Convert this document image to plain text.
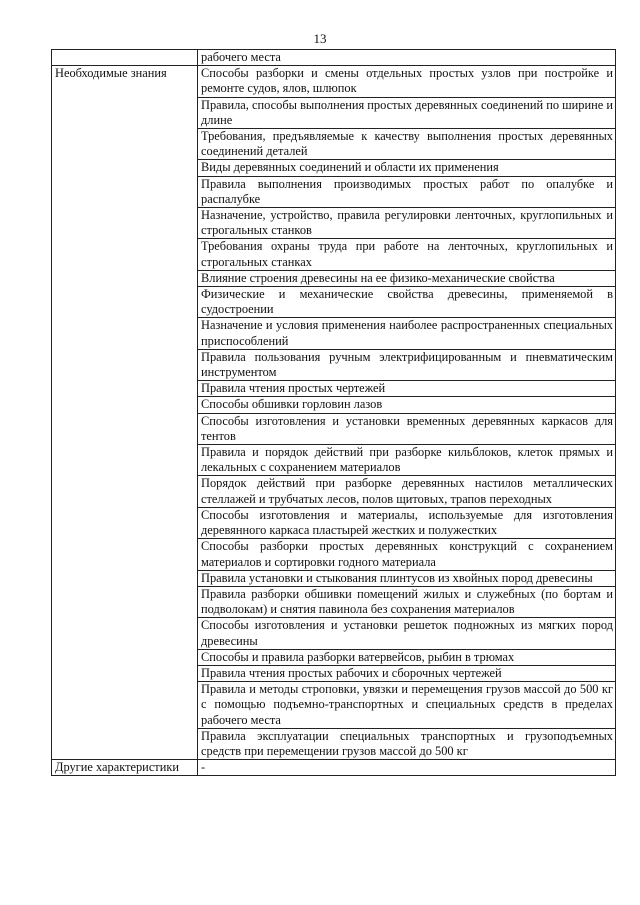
13
	рабочего места
Необходимые знания	Способы разборки и смены отдельных простых узлов при постройке и ремонте судов, ялов, шлюпок
	Правила, способы выполнения простых деревянных соединений по ширине и длине
	Требования, предъявляемые к качеству выполнения простых деревянных соединений деталей
	Виды деревянных соединений и области их применения
	Правила выполнения производимых простых работ по опалубке и распалубке
	Назначение, устройство, правила регулировки ленточных, круглопильных и строгальных станков
	Требования охраны труда при работе на ленточных, круглопильных и строгальных станках
	Влияние строения древесины на ее физико-механические свойства
	Физические и механические свойства древесины, применяемой в судостроении
	Назначение и условия применения наиболее распространенных специальных приспособлений
	Правила пользования ручным электрифицированным и пневматическим инструментом
	Правила чтения простых чертежей
	Способы обшивки горловин лазов
	Способы изготовления и установки временных деревянных каркасов для тентов
	Правила и порядок действий при разборке кильблоков, клеток прямых и лекальных с сохранением материалов
	Порядок действий при разборке деревянных настилов металлических стеллажей и трубчатых лесов, полов щитовых, трапов переходных
	Способы изготовления и материалы, используемые для изготовления деревянного каркаса пластырей жестких и полужестких
	Способы разборки простых деревянных конструкций с сохранением материалов и сортировки годного материала
	Правила установки и стыкования плинтусов из хвойных пород древесины
	Правила разборки обшивки помещений жилых и служебных (по бортам и подволокам) и снятия павинола без сохранения материалов
	Способы изготовления и установки решеток подножных из мягких пород древесины
	Способы и правила разборки ватервейсов, рыбин в трюмах
	Правила чтения простых рабочих и сборочных чертежей
	Правила и методы строповки, увязки и перемещения грузов массой до 500 кг с помощью подъемно-транспортных и специальных средств в пределах рабочего места
	Правила эксплуатации специальных транспортных и грузоподъемных средств при перемещении грузов массой до 500 кг
Другие характеристики	-
